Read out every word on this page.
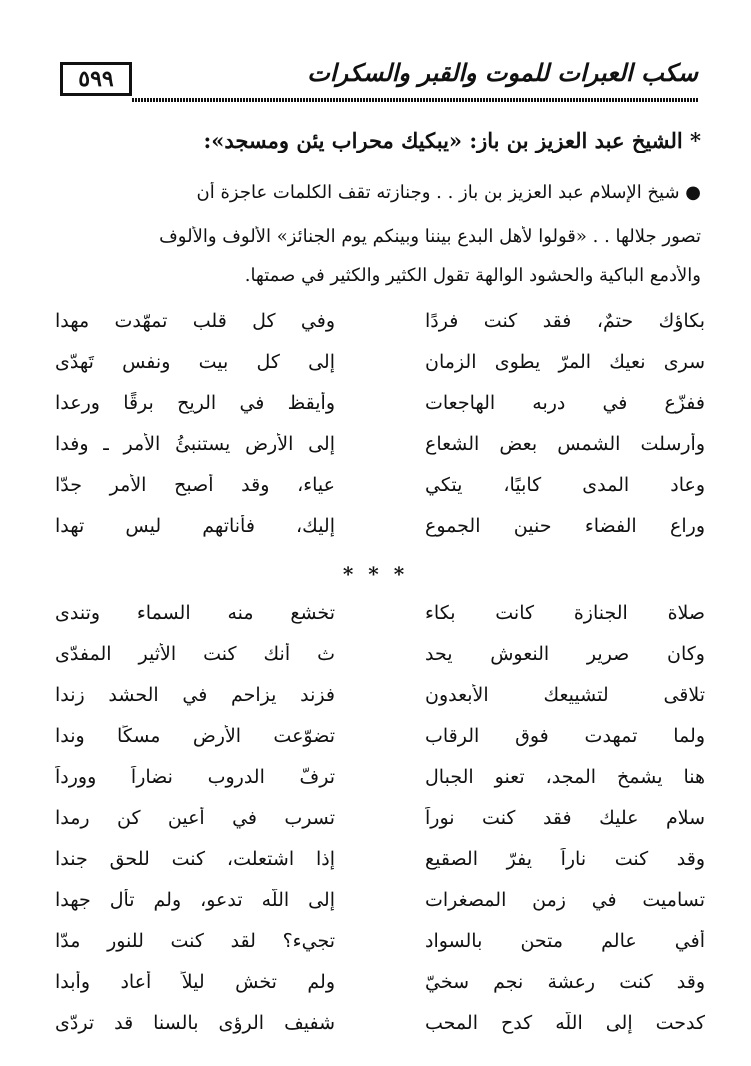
٥٩٩	سكب العبرات للموت والقبر والسكرات
* الشيخ عبد العزيز بن باز: «يبكيك محراب يئن ومسجد»:
● شيخ الإسلام عبد العزيز بن باز . . وجنازته تقف الكلمات عاجزة أن
تصور جلالها . . «قولوا لأهل البدع بيننا وبينكم يوم الجنائز» الألوف والألوف
والأدمع الباكية والحشود الوالهة تقول الكثير والكثير في صمتها.
بكاؤك حتمٌ، فقد كنت فردًا
وفي كل قلب تمهّدت مهدا
سرى نعيك المرّ يطوى الزمان
إلى كل بيت ونفس تَهدّى
ففزّع في دربه الهاجعات
وأيقظ في الريح برقًا ورعدا
وأرسلت الشمس بعض الشعاع
إلى الأرض يستنبئُ الأمر ـ وفدا
وعاد المدى كابيًا، يتكي
عياء، وقد أصبح الأمر جدّا
وراع الفضاء حنين الجموع
إليك، فأناتهم ليس تهدا
* * *
صلاة الجنازة كانت بكاء
تخشع منه السماء وتندى
وكان صرير النعوش يحد
ث أنك كنت الأثير المفدّى
تلاقى لتشييعك الأبعدون
فزند يزاحم في الحشد زندا
ولما تمهدت فوق الرقاب
تضوّعت الأرض مسكًا وندا
هنا يشمخ المجد، تعنو الجبال
ترفّ الدروب نضاراً وورداً
سلام عليك فقد كنت نوراً
تسرب في أعينٍ كن رمدا
وقد كنت ناراً يفرّ الصقيع
إذا اشتعلت، كنت للحق جندا
تساميت في زمن المصغرات
إلى اللّه تدعو، ولم تأل جهدا
أفي عالم متحن بالسواد
تجيء؟ لقد كنت للنور مدّا
وقد كنت رعشة نجم سخيّ
ولم تخش ليلاً أعاد وأبدا
كدحت إلى اللّه كدح المحب
شفيف الرؤى بالسنا قد تردّى
